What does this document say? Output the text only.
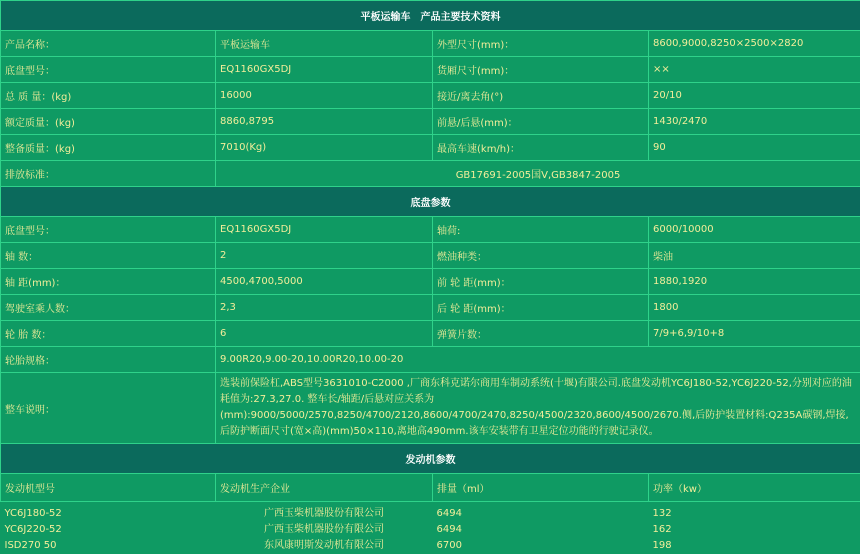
平板运输车　产品主要技术资料			
产品名称：	平板运输车	外型尺寸(mm)：	8600,9000,8250×2500×2820
底盘型号：	EQ1160GX5DJ	货厢尺寸(mm)：	××
总 质 量：(kg)	16000	接近/离去角(°)	20/10
额定质量：(kg)	8860,8795	前悬/后悬(mm)：	1430/2470
整备质量：(kg)	7010(Kg)	最高车速(km/h)：	90
排放标准：	GB17691-2005国V,GB3847-2005		
底盘参数			
底盘型号：	EQ1160GX5DJ	轴荷:	6000/10000
轴 数：	2	燃油种类：	柴油
轴 距(mm)：	4500,4700,5000	前 轮 距(mm)：	1880,1920
驾驶室乘人数：	2,3	后 轮 距(mm)：	1800
轮 胎 数：	6	弹簧片数：	7/9+6,9/10+8
轮胎规格：	9.00R20,9.00-20,10.00R20,10.00-20		
整车说明：	选装前保险杠,ABS型号3631010-C2000 ,厂商东科克诺尔商用车制动系统(十堰)有限公司.底盘发动机YC6J180-52,YC6J220-52,分别对应的油耗值为:27.3,27.0. 整车长/轴距/后悬对应关系为(mm):9000/5000/2570,8250/4700/2120,8600/4700/2470,8250/4500/2320,8600/4500/2670.侧,后防护装置材料:Q235A碳钢,焊接,后防护断面尺寸(宽×高)(mm)50×110,离地高490mm.该车安装带有卫星定位功能的行驶记录仪。		
发动机参数			
发动机型号	发动机生产企业	排量（ml）	功率（kw）
YC6J180-52	广西玉柴机器股份有限公司	6494	132
YC6J220-52	广西玉柴机器股份有限公司	6494	162
ISD270 50	东风康明斯发动机有限公司	6700	198
